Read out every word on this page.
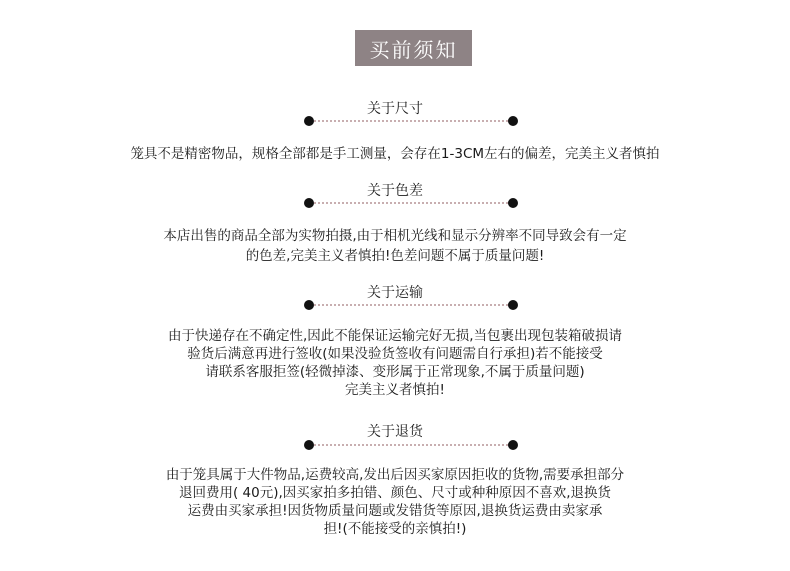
买前须知
关于尺寸

笼具不是精密物品，规格全部都是手工测量，会存在1-3CM左右的偏差，完美主义者慎拍

关于色差

本店出售的商品全部为实物拍摄,由于相机光线和显示分辨率不同导致会有一定
的色差,完美主义者慎拍!色差问题不属于质量问题!

关于运输

由于快递存在不确定性,因此不能保证运输完好无损,当包裹出现包装箱破损请
验货后满意再进行签收(如果没验货签收有问题需自行承担)若不能接受
请联系客服拒签(轻微掉漆、变形属于正常现象,不属于质量问题)
完美主义者慎拍!

关于退货

由于笼具属于大件物品,运费较高,发出后因买家原因拒收的货物,需要承担部分
退回费用( 40元),因买家拍多拍错、颜色、尺寸或种种原因不喜欢,退换货
运费由买家承担!因货物质量问题或发错货等原因,退换货运费由卖家承
担!(不能接受的亲慎拍!)
